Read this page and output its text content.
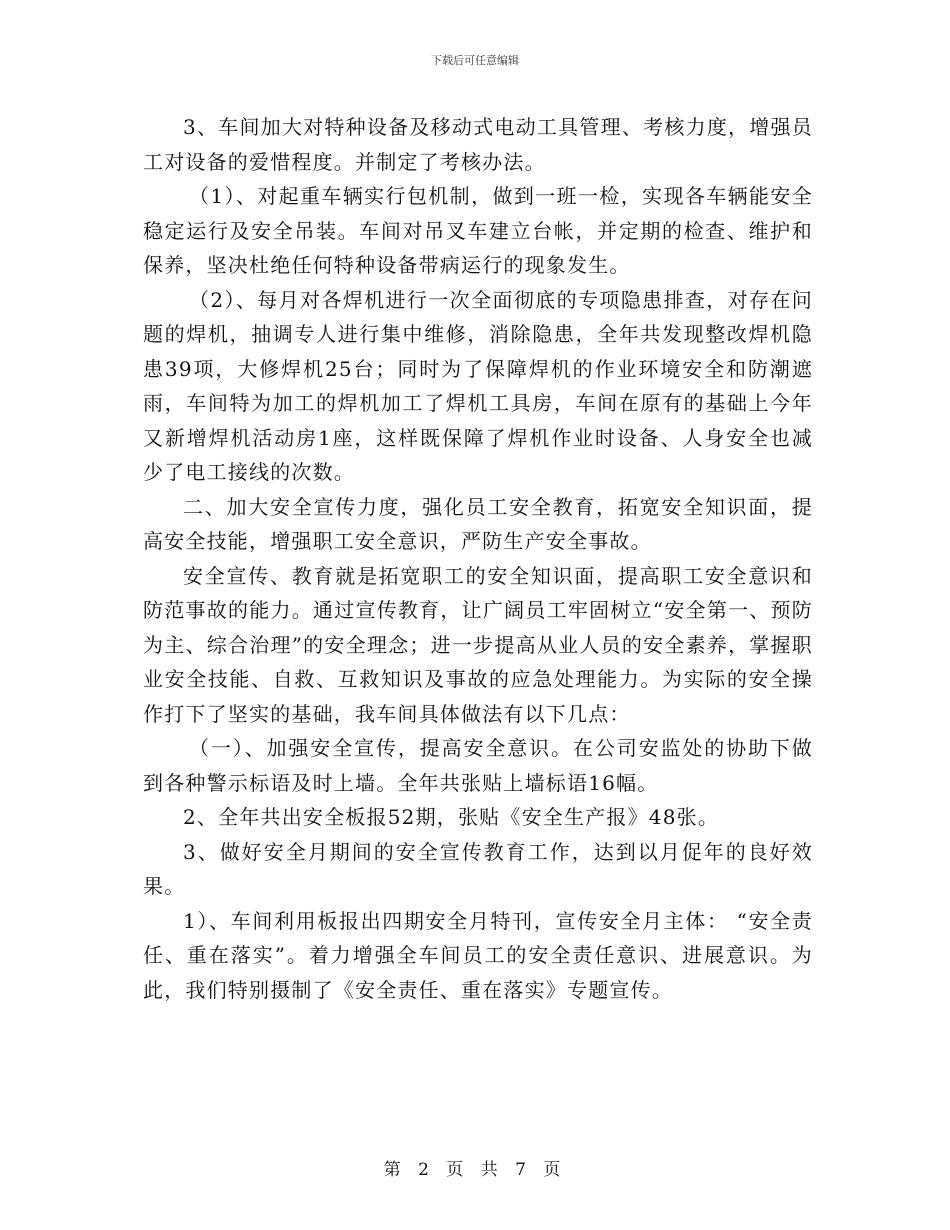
下载后可任意编辑

3、车间加大对特种设备及移动式电动工具管理、考核力度，增强员工对设备的爱惜程度。并制定了考核办法。

（1）、对起重车辆实行包机制，做到一班一检，实现各车辆能安全稳定运行及安全吊装。车间对吊叉车建立台帐，并定期的检查、维护和保养，坚决杜绝任何特种设备带病运行的现象发生。

（2）、每月对各焊机进行一次全面彻底的专项隐患排查，对存在问题的焊机，抽调专人进行集中维修，消除隐患，全年共发现整改焊机隐患39项，大修焊机25台；同时为了保障焊机的作业环境安全和防潮遮雨，车间特为加工的焊机加工了焊机工具房，车间在原有的基础上今年又新增焊机活动房1座，这样既保障了焊机作业时设备、人身安全也减少了电工接线的次数。

二、加大安全宣传力度，强化员工安全教育，拓宽安全知识面，提高安全技能，增强职工安全意识，严防生产安全事故。

安全宣传、教育就是拓宽职工的安全知识面，提高职工安全意识和防范事故的能力。通过宣传教育，让广阔员工牢固树立“安全第一、预防为主、综合治理”的安全理念；进一步提高从业人员的安全素养，掌握职业安全技能、自救、互救知识及事故的应急处理能力。为实际的安全操作打下了坚实的基础，我车间具体做法有以下几点：

（一）、加强安全宣传，提高安全意识。在公司安监处的协助下做到各种警示标语及时上墙。全年共张贴上墙标语16幅。

2、全年共出安全板报52期，张贴《安全生产报》48张。

3、做好安全月期间的安全宣传教育工作，达到以月促年的良好效果。

1）、车间利用板报出四期安全月特刊，宣传安全月主体： “安全责任、重在落实”。着力增强全车间员工的安全责任意识、进展意识。为此，我们特别摄制了《安全责任、重在落实》专题宣传。

第 2 页 共 7 页
